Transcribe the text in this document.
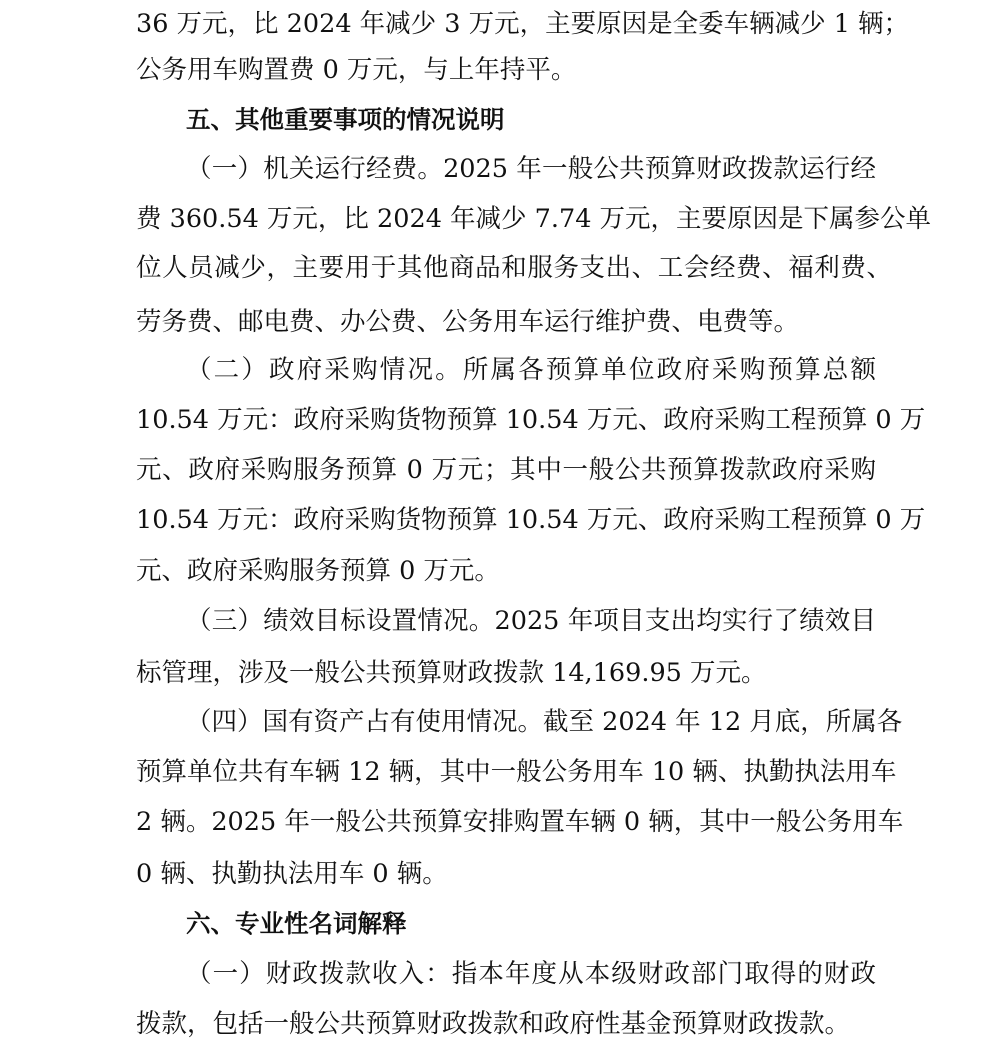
36 万元，比 2024 年减少 3 万元，主要原因是全委车辆减少 1 辆；
公务用车购置费 0 万元，与上年持平。
五、其他重要事项的情况说明
（一）机关运行经费。2025 年一般公共预算财政拨款运行经
费 360.54 万元，比 2024 年减少 7.74 万元，主要原因是下属参公单
位人员减少，主要用于其他商品和服务支出、工会经费、福利费、
劳务费、邮电费、办公费、公务用车运行维护费、电费等。
（二）政府采购情况。所属各预算单位政府采购预算总额
10.54 万元：政府采购货物预算 10.54 万元、政府采购工程预算 0 万
元、政府采购服务预算 0 万元；其中一般公共预算拨款政府采购
10.54 万元：政府采购货物预算 10.54 万元、政府采购工程预算 0 万
元、政府采购服务预算 0 万元。
（三）绩效目标设置情况。2025 年项目支出均实行了绩效目
标管理，涉及一般公共预算财政拨款 14,169.95 万元。
（四）国有资产占有使用情况。截至 2024 年 12 月底，所属各
预算单位共有车辆 12 辆，其中一般公务用车 10 辆、执勤执法用车
2 辆。2025 年一般公共预算安排购置车辆 0 辆，其中一般公务用车
0 辆、执勤执法用车 0 辆。
六、专业性名词解释
（一）财政拨款收入：指本年度从本级财政部门取得的财政
拨款，包括一般公共预算财政拨款和政府性基金预算财政拨款。
